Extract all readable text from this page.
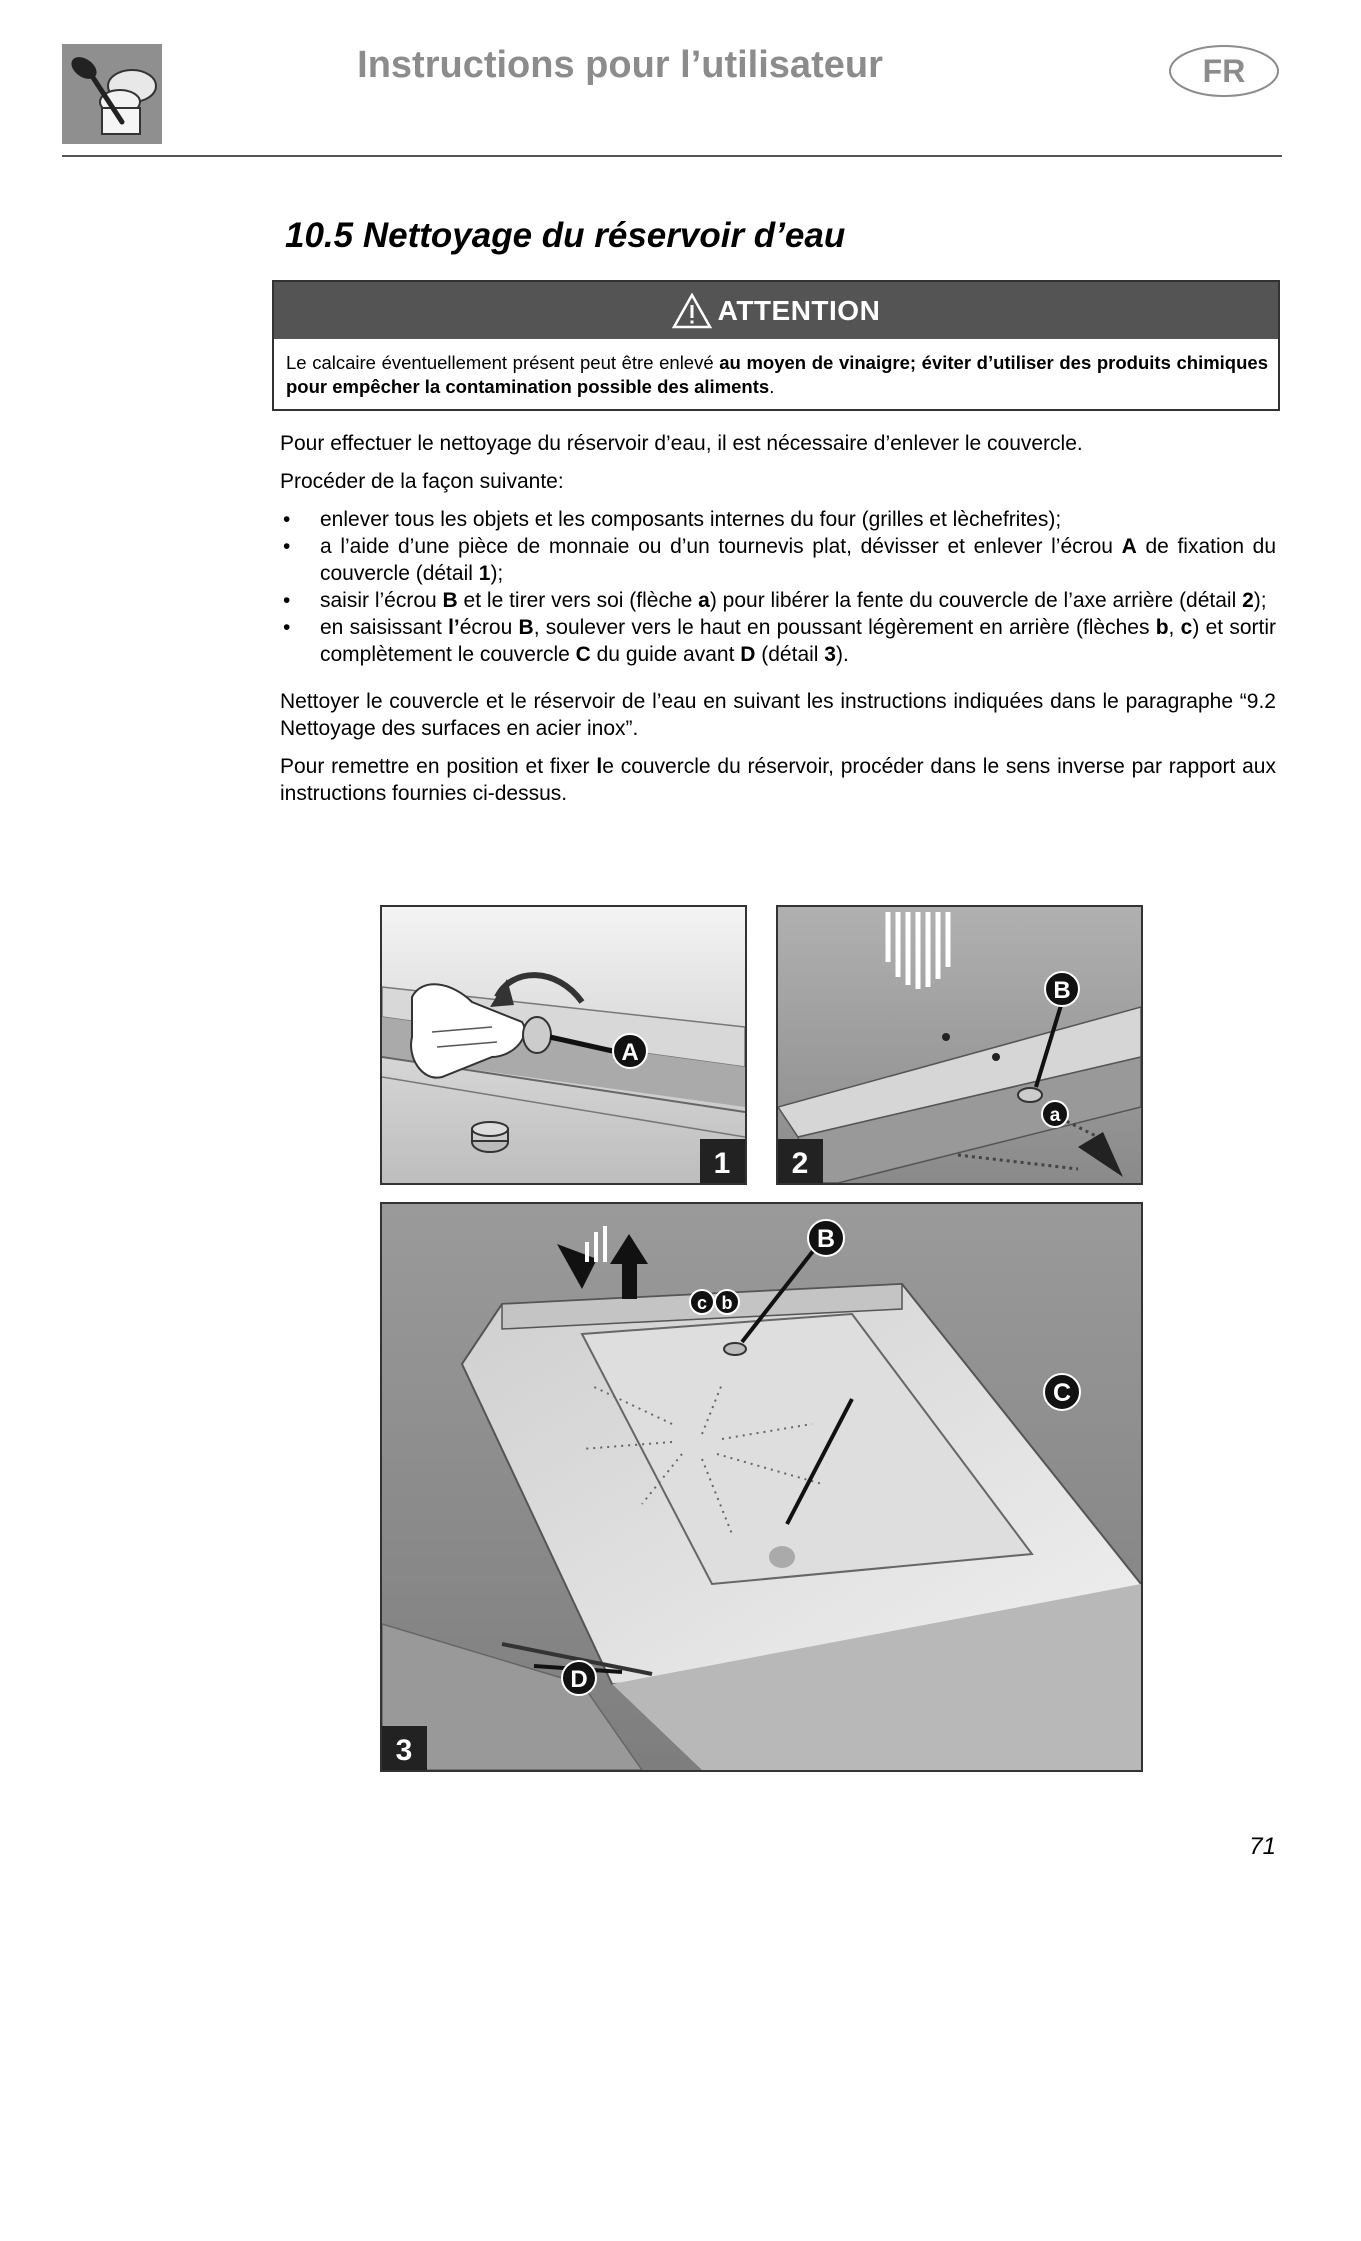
Instructions pour l’utilisateur	FR
10.5 Nettoyage du réservoir d’eau
ATTENTION
Le calcaire éventuellement présent peut être enlevé au moyen de vinaigre; éviter d’utiliser des produits chimiques pour empêcher la contamination possible des aliments.

Pour effectuer le nettoyage du réservoir d’eau, il est nécessaire d’enlever le couvercle.

Procéder de la façon suivante:

• enlever tous les objets et les composants internes du four (grilles et lèchefrites);
• a l’aide d’une pièce de monnaie ou d’un tournevis plat, dévisser et enlever l’écrou A de fixation du couvercle (détail 1);
• saisir l’écrou B et le tirer vers soi (flèche a) pour libérer la fente du couvercle de l’axe arrière (détail 2);
• en saisissant l’écrou B, soulever vers le haut en poussant légèrement en arrière (flèches b, c) et sortir complètement le couvercle C du guide avant D (détail 3).

Nettoyer le couvercle et le réservoir de l’eau en suivant les instructions indiquées dans le paragraphe “9.2 Nettoyage des surfaces en acier inox”.

Pour remettre en position et fixer le couvercle du réservoir, procéder dans le sens inverse par rapport aux instructions fournies ci-dessus.

A
1
B
a
2
B
c b
C
D
3
71
